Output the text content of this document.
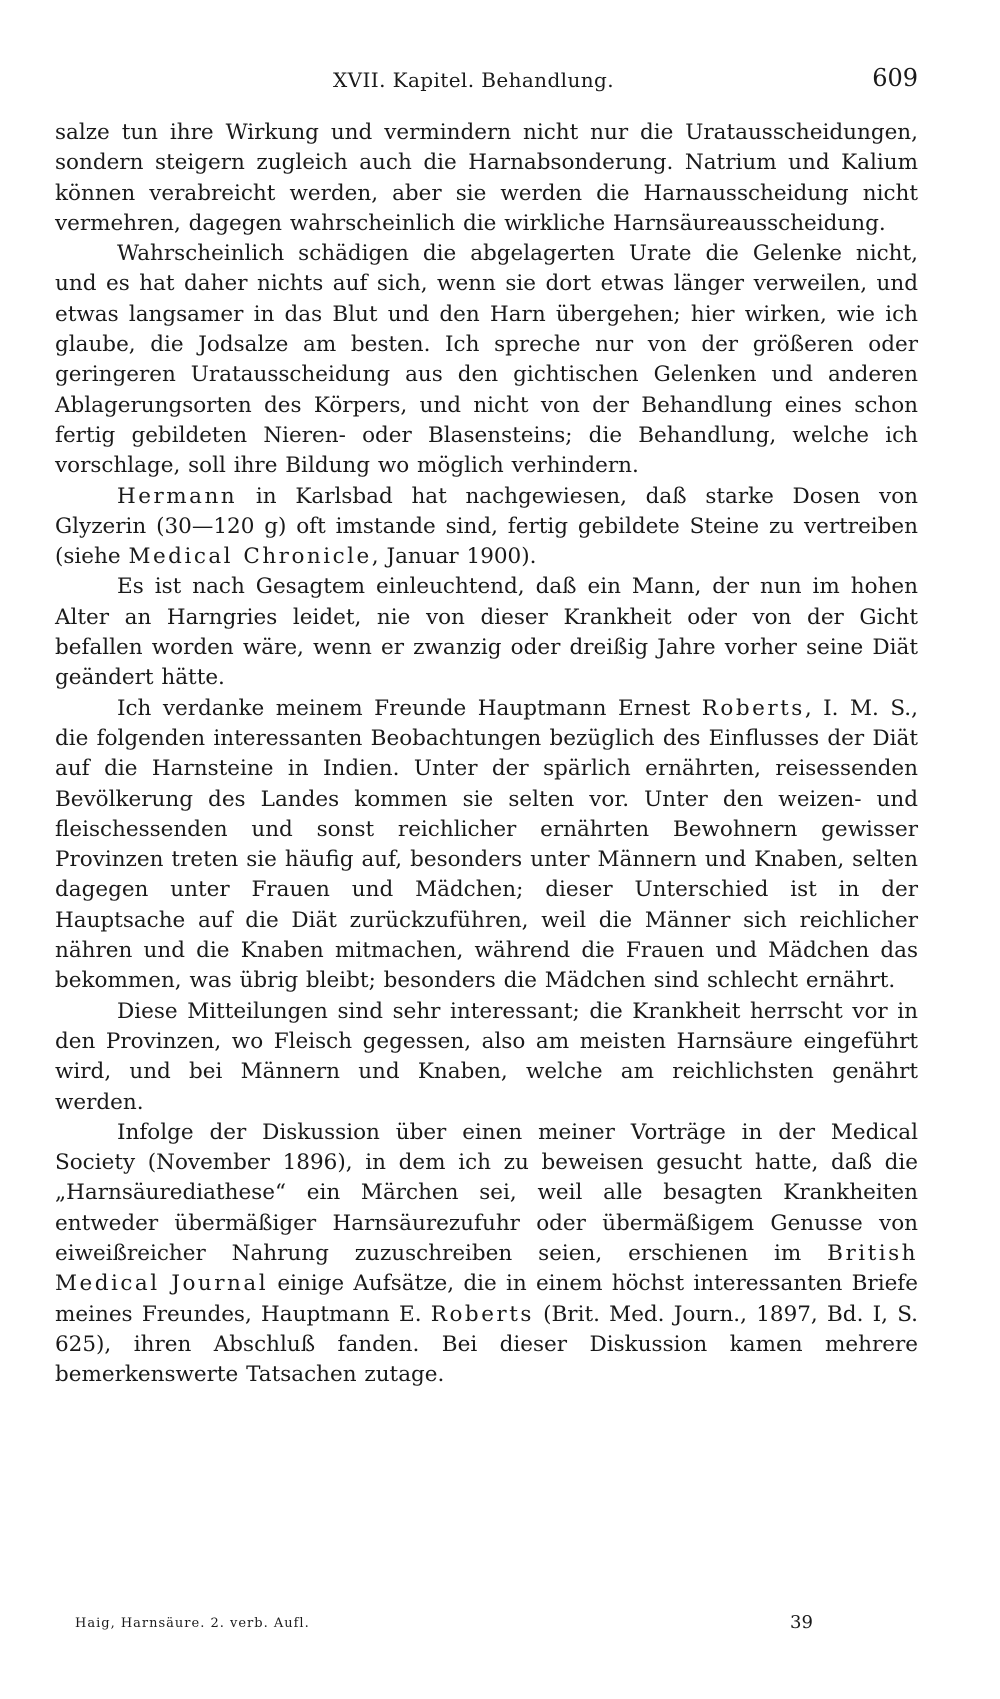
XVII. Kapitel. Behandlung.	609

salze tun ihre Wirkung und vermindern nicht nur die Uratausscheidungen, sondern steigern zugleich auch die Harnabsonderung. Natrium und Kalium können verabreicht werden, aber sie werden die Harnausscheidung nicht vermehren, dagegen wahrscheinlich die wirkliche Harnsäureausscheidung.

Wahrscheinlich schädigen die abgelagerten Urate die Gelenke nicht, und es hat daher nichts auf sich, wenn sie dort etwas länger verweilen, und etwas langsamer in das Blut und den Harn übergehen; hier wirken, wie ich glaube, die Jodsalze am besten. Ich spreche nur von der größeren oder geringeren Uratausscheidung aus den gichtischen Gelenken und anderen Ablagerungsorten des Körpers, und nicht von der Behandlung eines schon fertig gebildeten Nieren- oder Blasensteins; die Behandlung, welche ich vorschlage, soll ihre Bildung wo möglich verhindern.

Hermann in Karlsbad hat nachgewiesen, daß starke Dosen von Glyzerin (30—120 g) oft imstande sind, fertig gebildete Steine zu vertreiben (siehe Medical Chronicle, Januar 1900).

Es ist nach Gesagtem einleuchtend, daß ein Mann, der nun im hohen Alter an Harngries leidet, nie von dieser Krankheit oder von der Gicht befallen worden wäre, wenn er zwanzig oder dreißig Jahre vorher seine Diät geändert hätte.

Ich verdanke meinem Freunde Hauptmann Ernest Roberts, I. M. S., die folgenden interessanten Beobachtungen bezüglich des Einflusses der Diät auf die Harnsteine in Indien. Unter der spärlich ernährten, reisessenden Bevölkerung des Landes kommen sie selten vor. Unter den weizen- und fleischessenden und sonst reichlicher ernährten Bewohnern gewisser Provinzen treten sie häufig auf, besonders unter Männern und Knaben, selten dagegen unter Frauen und Mädchen; dieser Unterschied ist in der Hauptsache auf die Diät zurückzuführen, weil die Männer sich reichlicher nähren und die Knaben mitmachen, während die Frauen und Mädchen das bekommen, was übrig bleibt; besonders die Mädchen sind schlecht ernährt.

Diese Mitteilungen sind sehr interessant; die Krankheit herrscht vor in den Provinzen, wo Fleisch gegessen, also am meisten Harnsäure eingeführt wird, und bei Männern und Knaben, welche am reichlichsten genährt werden.

Infolge der Diskussion über einen meiner Vorträge in der Medical Society (November 1896), in dem ich zu beweisen gesucht hatte, daß die „Harnsäurediathese“ ein Märchen sei, weil alle besagten Krankheiten entweder übermäßiger Harnsäurezufuhr oder übermäßigem Genusse von eiweißreicher Nahrung zuzuschreiben seien, erschienen im British Medical Journal einige Aufsätze, die in einem höchst interessanten Briefe meines Freundes, Hauptmann E. Roberts (Brit. Med. Journ., 1897, Bd. I, S. 625), ihren Abschluß fanden. Bei dieser Diskussion kamen mehrere bemerkenswerte Tatsachen zutage.

Haig, Harnsäure. 2. verb. Aufl.	39
